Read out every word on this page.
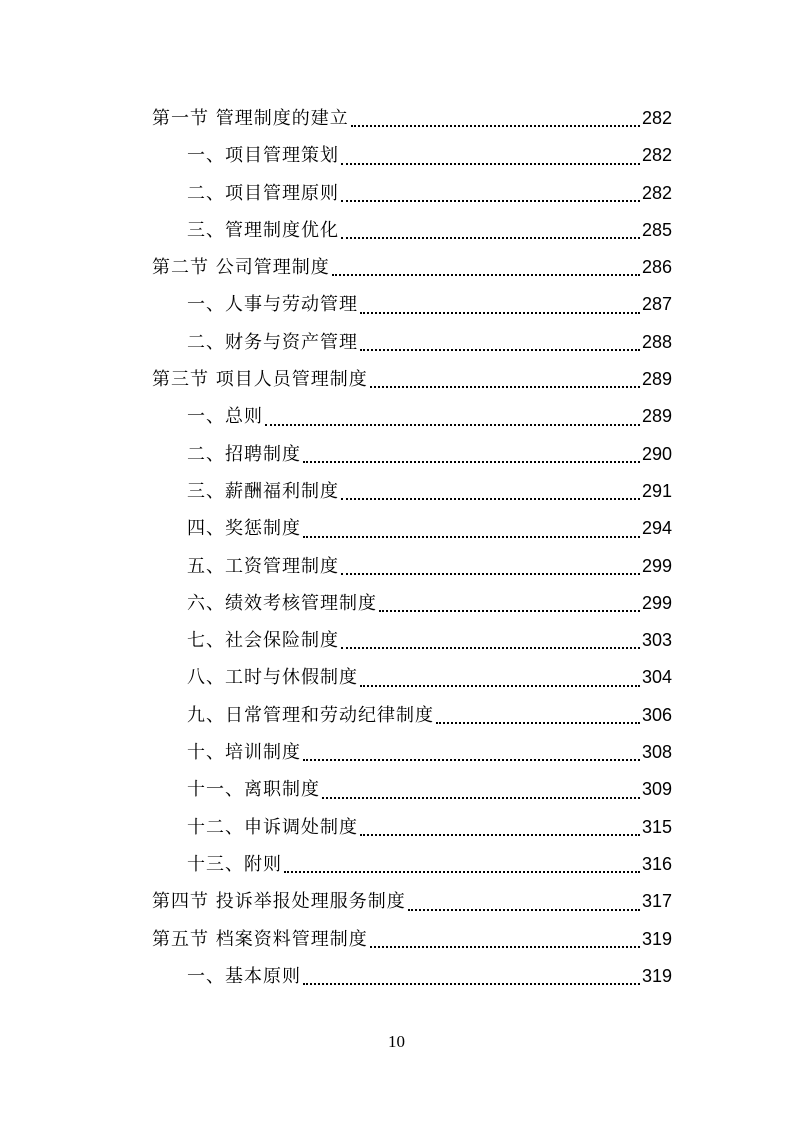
第一节 管理制度的建立	282
一、项目管理策划	282
二、项目管理原则	282
三、管理制度优化	285
第二节 公司管理制度	286
一、人事与劳动管理	287
二、财务与资产管理	288
第三节 项目人员管理制度	289
一、总则	289
二、招聘制度	290
三、薪酬福利制度	291
四、奖惩制度	294
五、工资管理制度	299
六、绩效考核管理制度	299
七、社会保险制度	303
八、工时与休假制度	304
九、日常管理和劳动纪律制度	306
十、培训制度	308
十一、离职制度	309
十二、申诉调处制度	315
十三、附则	316
第四节 投诉举报处理服务制度	317
第五节 档案资料管理制度	319
一、基本原则	319
10
